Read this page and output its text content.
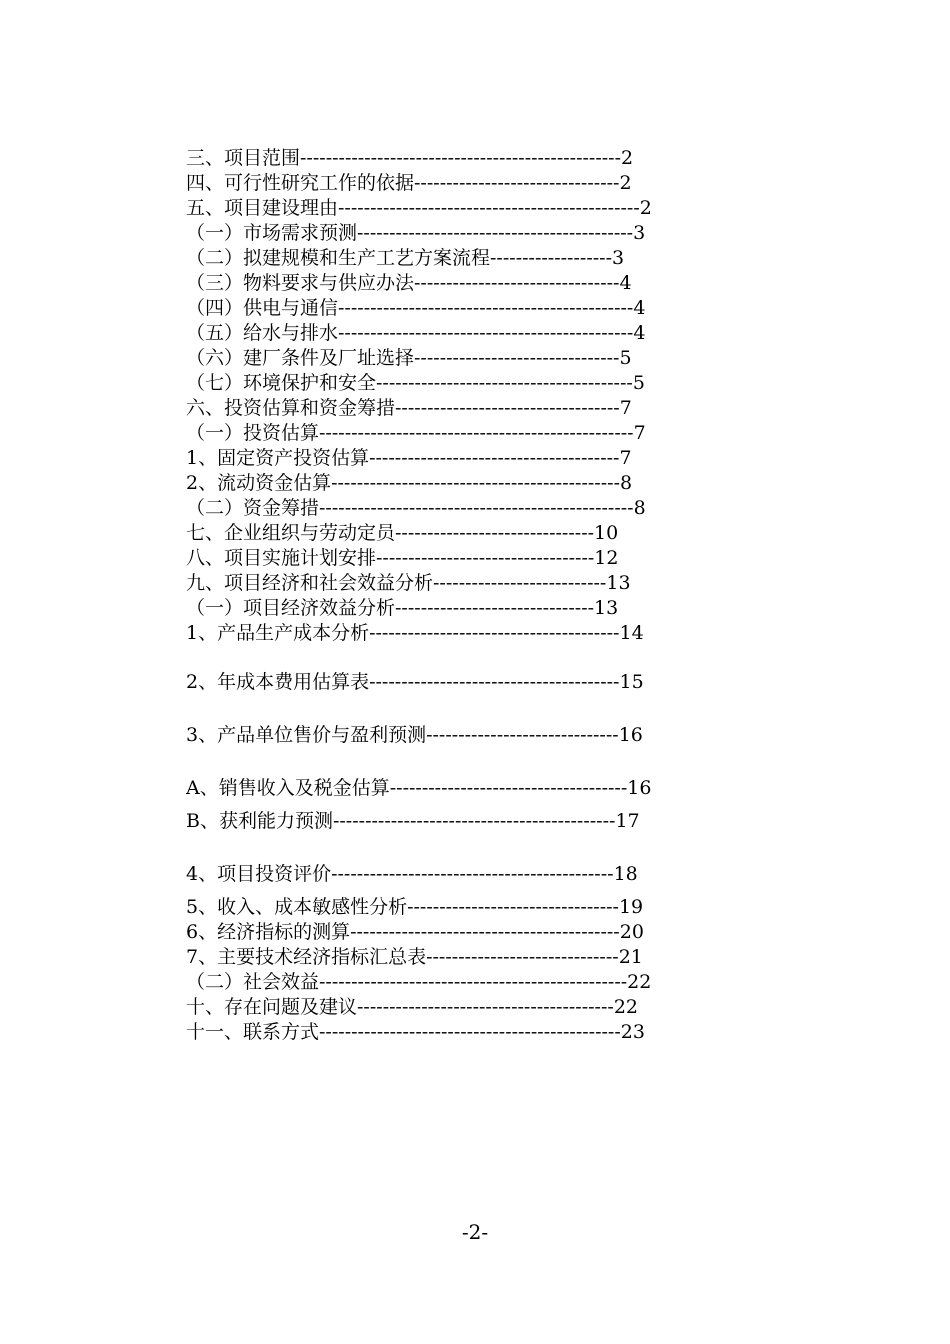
三、项目范围--------------------------------------------------2
四、可行性研究工作的依据--------------------------------2
五、项目建设理由-----------------------------------------------2
（一）市场需求预测-------------------------------------------3
（二）拟建规模和生产工艺方案流程-------------------3
（三）物料要求与供应办法--------------------------------4
（四）供电与通信----------------------------------------------4
（五）给水与排水----------------------------------------------4
（六）建厂条件及厂址选择--------------------------------5
（七）环境保护和安全----------------------------------------5
六、投资估算和资金筹措-----------------------------------7
（一）投资估算-------------------------------------------------7
1、固定资产投资估算---------------------------------------7
2、流动资金估算---------------------------------------------8
（二）资金筹措-------------------------------------------------8
七、企业组织与劳动定员-------------------------------10
八、项目实施计划安排----------------------------------12
九、项目经济和社会效益分析---------------------------13
（一）项目经济效益分析-------------------------------13
1、产品生产成本分析---------------------------------------14
2、年成本费用估算表---------------------------------------15
3、产品单位售价与盈利预测------------------------------16
A、销售收入及税金估算-------------------------------------16
B、获利能力预测--------------------------------------------17
4、项目投资评价--------------------------------------------18
5、收入、成本敏感性分析---------------------------------19
6、经济指标的测算------------------------------------------20
7、主要技术经济指标汇总表------------------------------21
（二）社会效益------------------------------------------------22
十、存在问题及建议----------------------------------------22
十一、联系方式-----------------------------------------------23
-2-
